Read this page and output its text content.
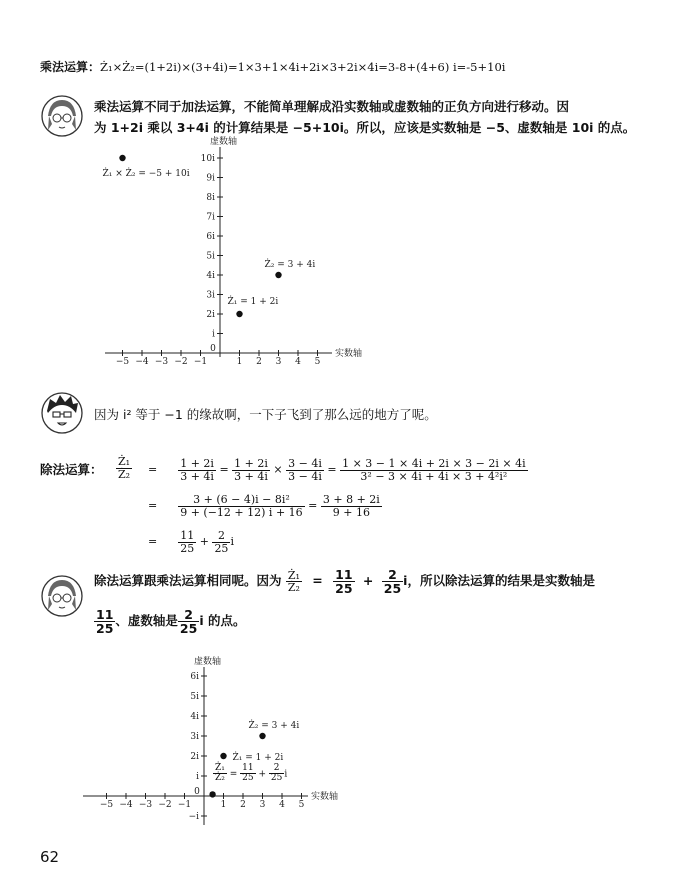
乘法运算：Ż₁×Ż₂=(1+2i)×(3+4i)=1×3+1×4i+2i×3+2i×4i=3-8+(4+6) i=-5+10i
乘法运算不同于加法运算，不能简单理解成沿实数轴或虚数轴的正负方向进行移动。因
为 1+2i 乘以 3+4i 的计算结果是 −5+10i。所以，应该是实数轴是 −5、虚数轴是 10i 的点。
虚数轴
实数轴
−5 −4 −3 −2 −1
0
1 2 3 4 5
i
2i
3i
4i
5i
6i
7i
8i
9i
10i
Ż₁ × Ż₂ = −5 + 10i
Ż₂ = 3 + 4i
Ż₁ = 1 + 2i
因为 i² 等于 −1 的缘故啊，一下子飞到了那么远的地方了呢。
除法运算： $\frac{\text{Ż₁}}{\text{Ż₂}} = \frac{1 + 2i}{3 + 4i} = \frac{1 + 2i}{3 + 4i} \times \frac{3 - 4i}{3 - 4i} = \frac{1 \times 3 - 1 \times 4i + 2i \times 3 - 2i \times 4i}{\text{3² − 3 × 4i + 4i × 3 + 4²i²}}$
= $\frac{\text{3 + (6 − 4)i − 8i²}}{9 + (-12 + 12) i + 16} = \frac{3 + 8 + 2i}{9 + 16}$
= $\frac{11}{25} + \frac{2}{25}$ i
除法运算跟乘法运算相同呢。因为 $\frac{\text{Ż₁}}{\text{Ż₂}} = \frac{11}{25} + \frac{2}{25}$ i，所以除法运算的结果是实数轴是
$\frac{11}{25}$ 、虚数轴是 $\frac{2}{25}$ i 的点。
虚数轴
实数轴
−5 −4 −3 −2 −1
0
1 2 3 4 5
−i
i
2i
3i
4i
5i
6i
Ż₂ = 3 + 4i
Ż₁ = 1 + 2i
$\frac{\text{Ż₁}}{\text{Ż₂}} = \frac{11}{25} + \frac{2}{25}$ i
62
